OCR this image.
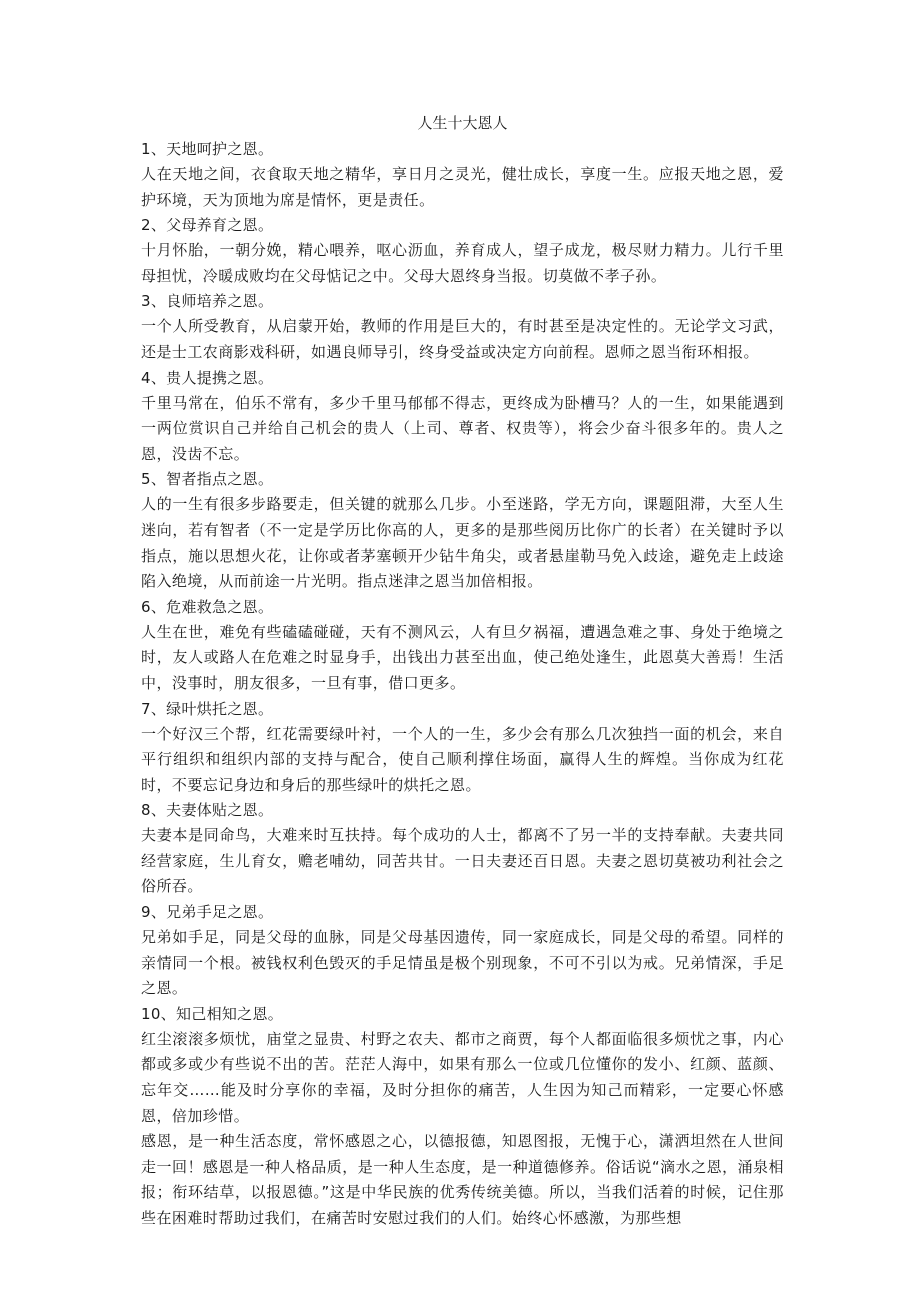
人生十大恩人

1、天地呵护之恩。

人在天地之间，衣食取天地之精华，享日月之灵光，健壮成长，享度一生。应报天地之恩，爱护环境，天为顶地为席是情怀，更是责任。

2、父母养育之恩。

十月怀胎，一朝分娩，精心喂养，呕心沥血，养育成人，望子成龙，极尽财力精力。儿行千里母担忧，冷暖成败均在父母惦记之中。父母大恩终身当报。切莫做不孝子孙。

3、良师培养之恩。

一个人所受教育，从启蒙开始，教师的作用是巨大的，有时甚至是决定性的。无论学文习武，还是士工农商影戏科研，如遇良师导引，终身受益或决定方向前程。恩师之恩当衔环相报。

4、贵人提携之恩。

千里马常在，伯乐不常有，多少千里马郁郁不得志，更终成为卧槽马？人的一生，如果能遇到一两位赏识自己并给自己机会的贵人（上司、尊者、权贵等），将会少奋斗很多年的。贵人之恩，没齿不忘。

5、智者指点之恩。

人的一生有很多步路要走，但关键的就那么几步。小至迷路，学无方向，课题阻滞，大至人生迷向，若有智者（不一定是学历比你高的人，更多的是那些阅历比你广的长者）在关键时予以指点，施以思想火花，让你或者茅塞顿开少钻牛角尖，或者悬崖勒马免入歧途，避免走上歧途陷入绝境，从而前途一片光明。指点迷津之恩当加倍相报。

6、危难救急之恩。

人生在世，难免有些磕磕碰碰，天有不测风云，人有旦夕祸福，遭遇急难之事、身处于绝境之时，友人或路人在危难之时显身手，出钱出力甚至出血，使己绝处逢生，此恩莫大善焉！生活中，没事时，朋友很多，一旦有事，借口更多。

7、绿叶烘托之恩。

一个好汉三个帮，红花需要绿叶衬，一个人的一生，多少会有那么几次独挡一面的机会，来自平行组织和组织内部的支持与配合，使自己顺利撑住场面，赢得人生的辉煌。当你成为红花时，不要忘记身边和身后的那些绿叶的烘托之恩。

8、夫妻体贴之恩。

夫妻本是同命鸟，大难来时互扶持。每个成功的人士，都离不了另一半的支持奉献。夫妻共同经营家庭，生儿育女，赡老哺幼，同苦共甘。一日夫妻还百日恩。夫妻之恩切莫被功利社会之俗所吞。

9、兄弟手足之恩。

兄弟如手足，同是父母的血脉，同是父母基因遗传，同一家庭成长，同是父母的希望。同样的亲情同一个根。被钱权利色毁灭的手足情虽是极个别现象，不可不引以为戒。兄弟情深，手足之恩。

10、知己相知之恩。

红尘滚滚多烦忧，庙堂之显贵、村野之农夫、都市之商贾，每个人都面临很多烦忧之事，内心都或多或少有些说不出的苦。茫茫人海中，如果有那么一位或几位懂你的发小、红颜、蓝颜、忘年交……能及时分享你的幸福，及时分担你的痛苦，人生因为知己而精彩，一定要心怀感恩，倍加珍惜。

感恩，是一种生活态度，常怀感恩之心，以德报德，知恩图报，无愧于心，潇洒坦然在人世间走一回！感恩是一种人格品质，是一种人生态度，是一种道德修养。俗话说“滴水之恩，涌泉相报；衔环结草，以报恩德。”这是中华民族的优秀传统美德。所以，当我们活着的时候，记住那些在困难时帮助过我们，在痛苦时安慰过我们的人们。始终心怀感激，为那些想
